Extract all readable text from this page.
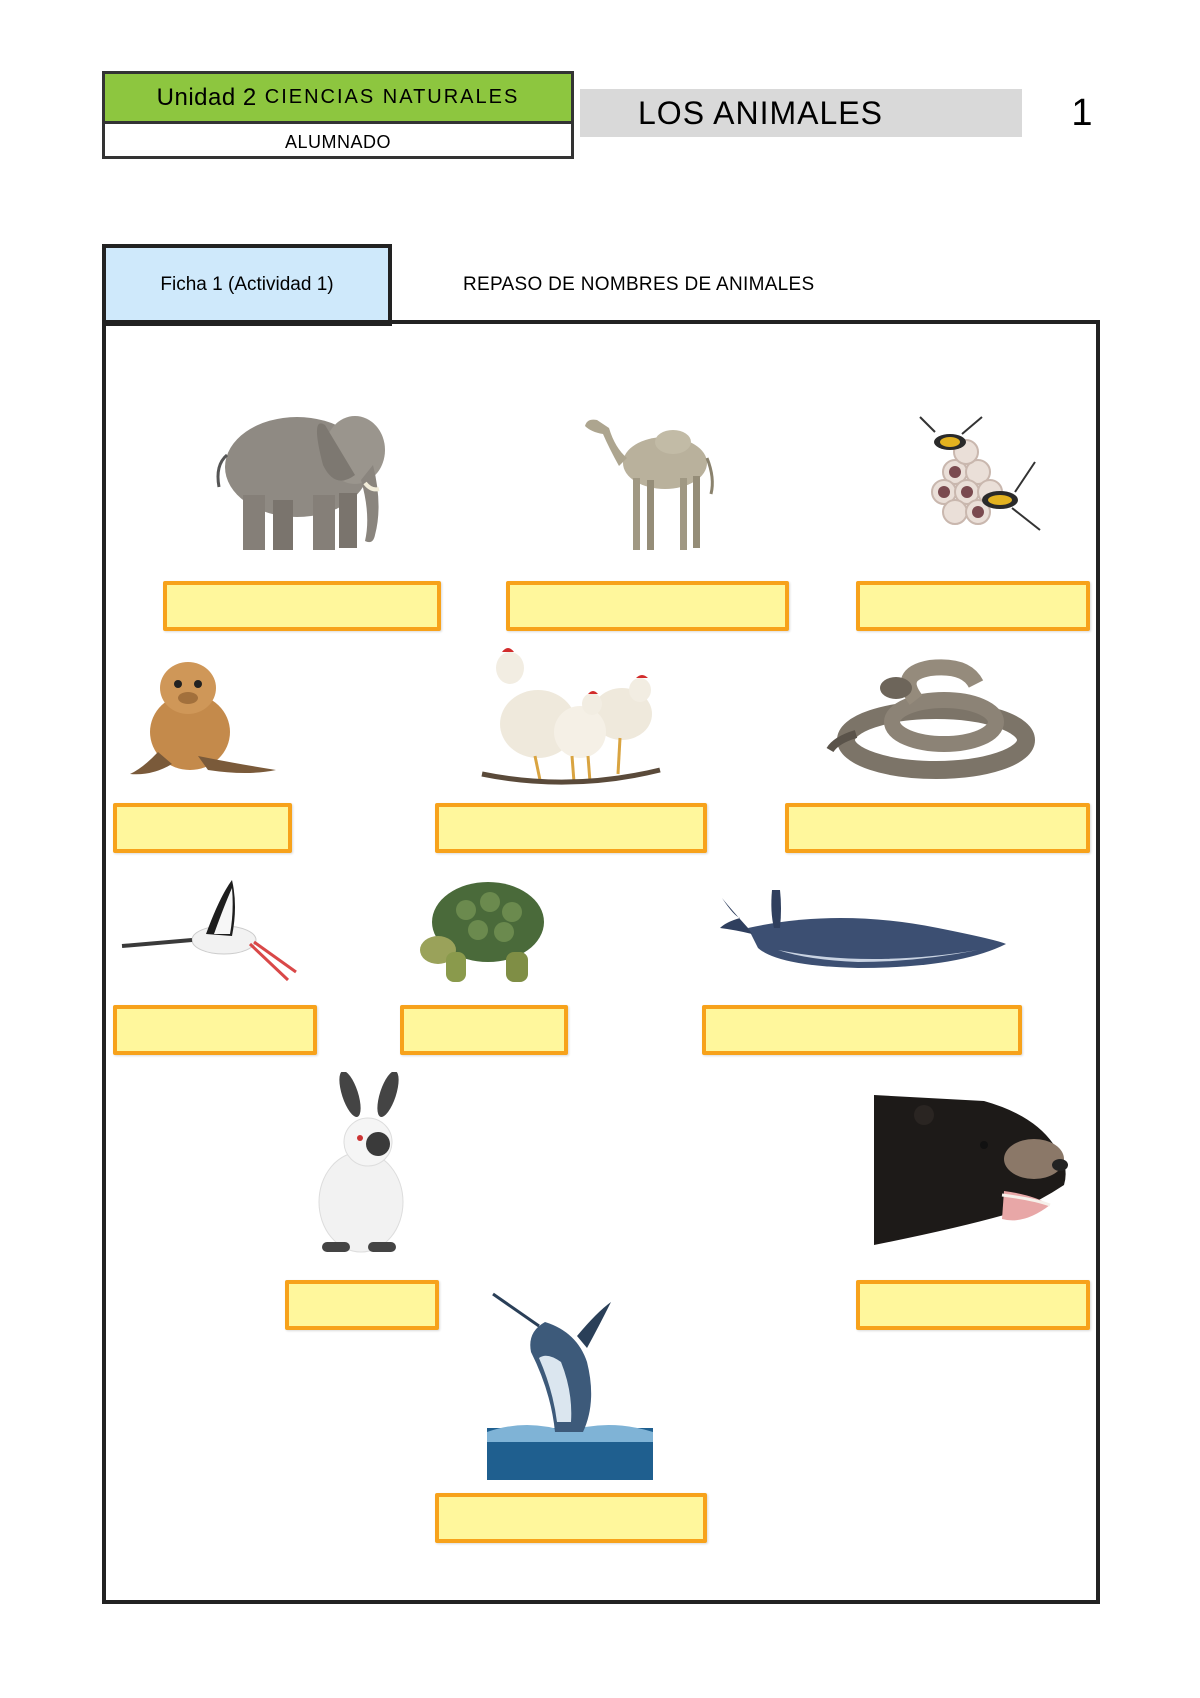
Unidad 2 CIENCIAS NATURALES
ALUMNADO
LOS ANIMALES	1
Ficha 1 (Actividad 1)	REPASO DE NOMBRES DE ANIMALES
